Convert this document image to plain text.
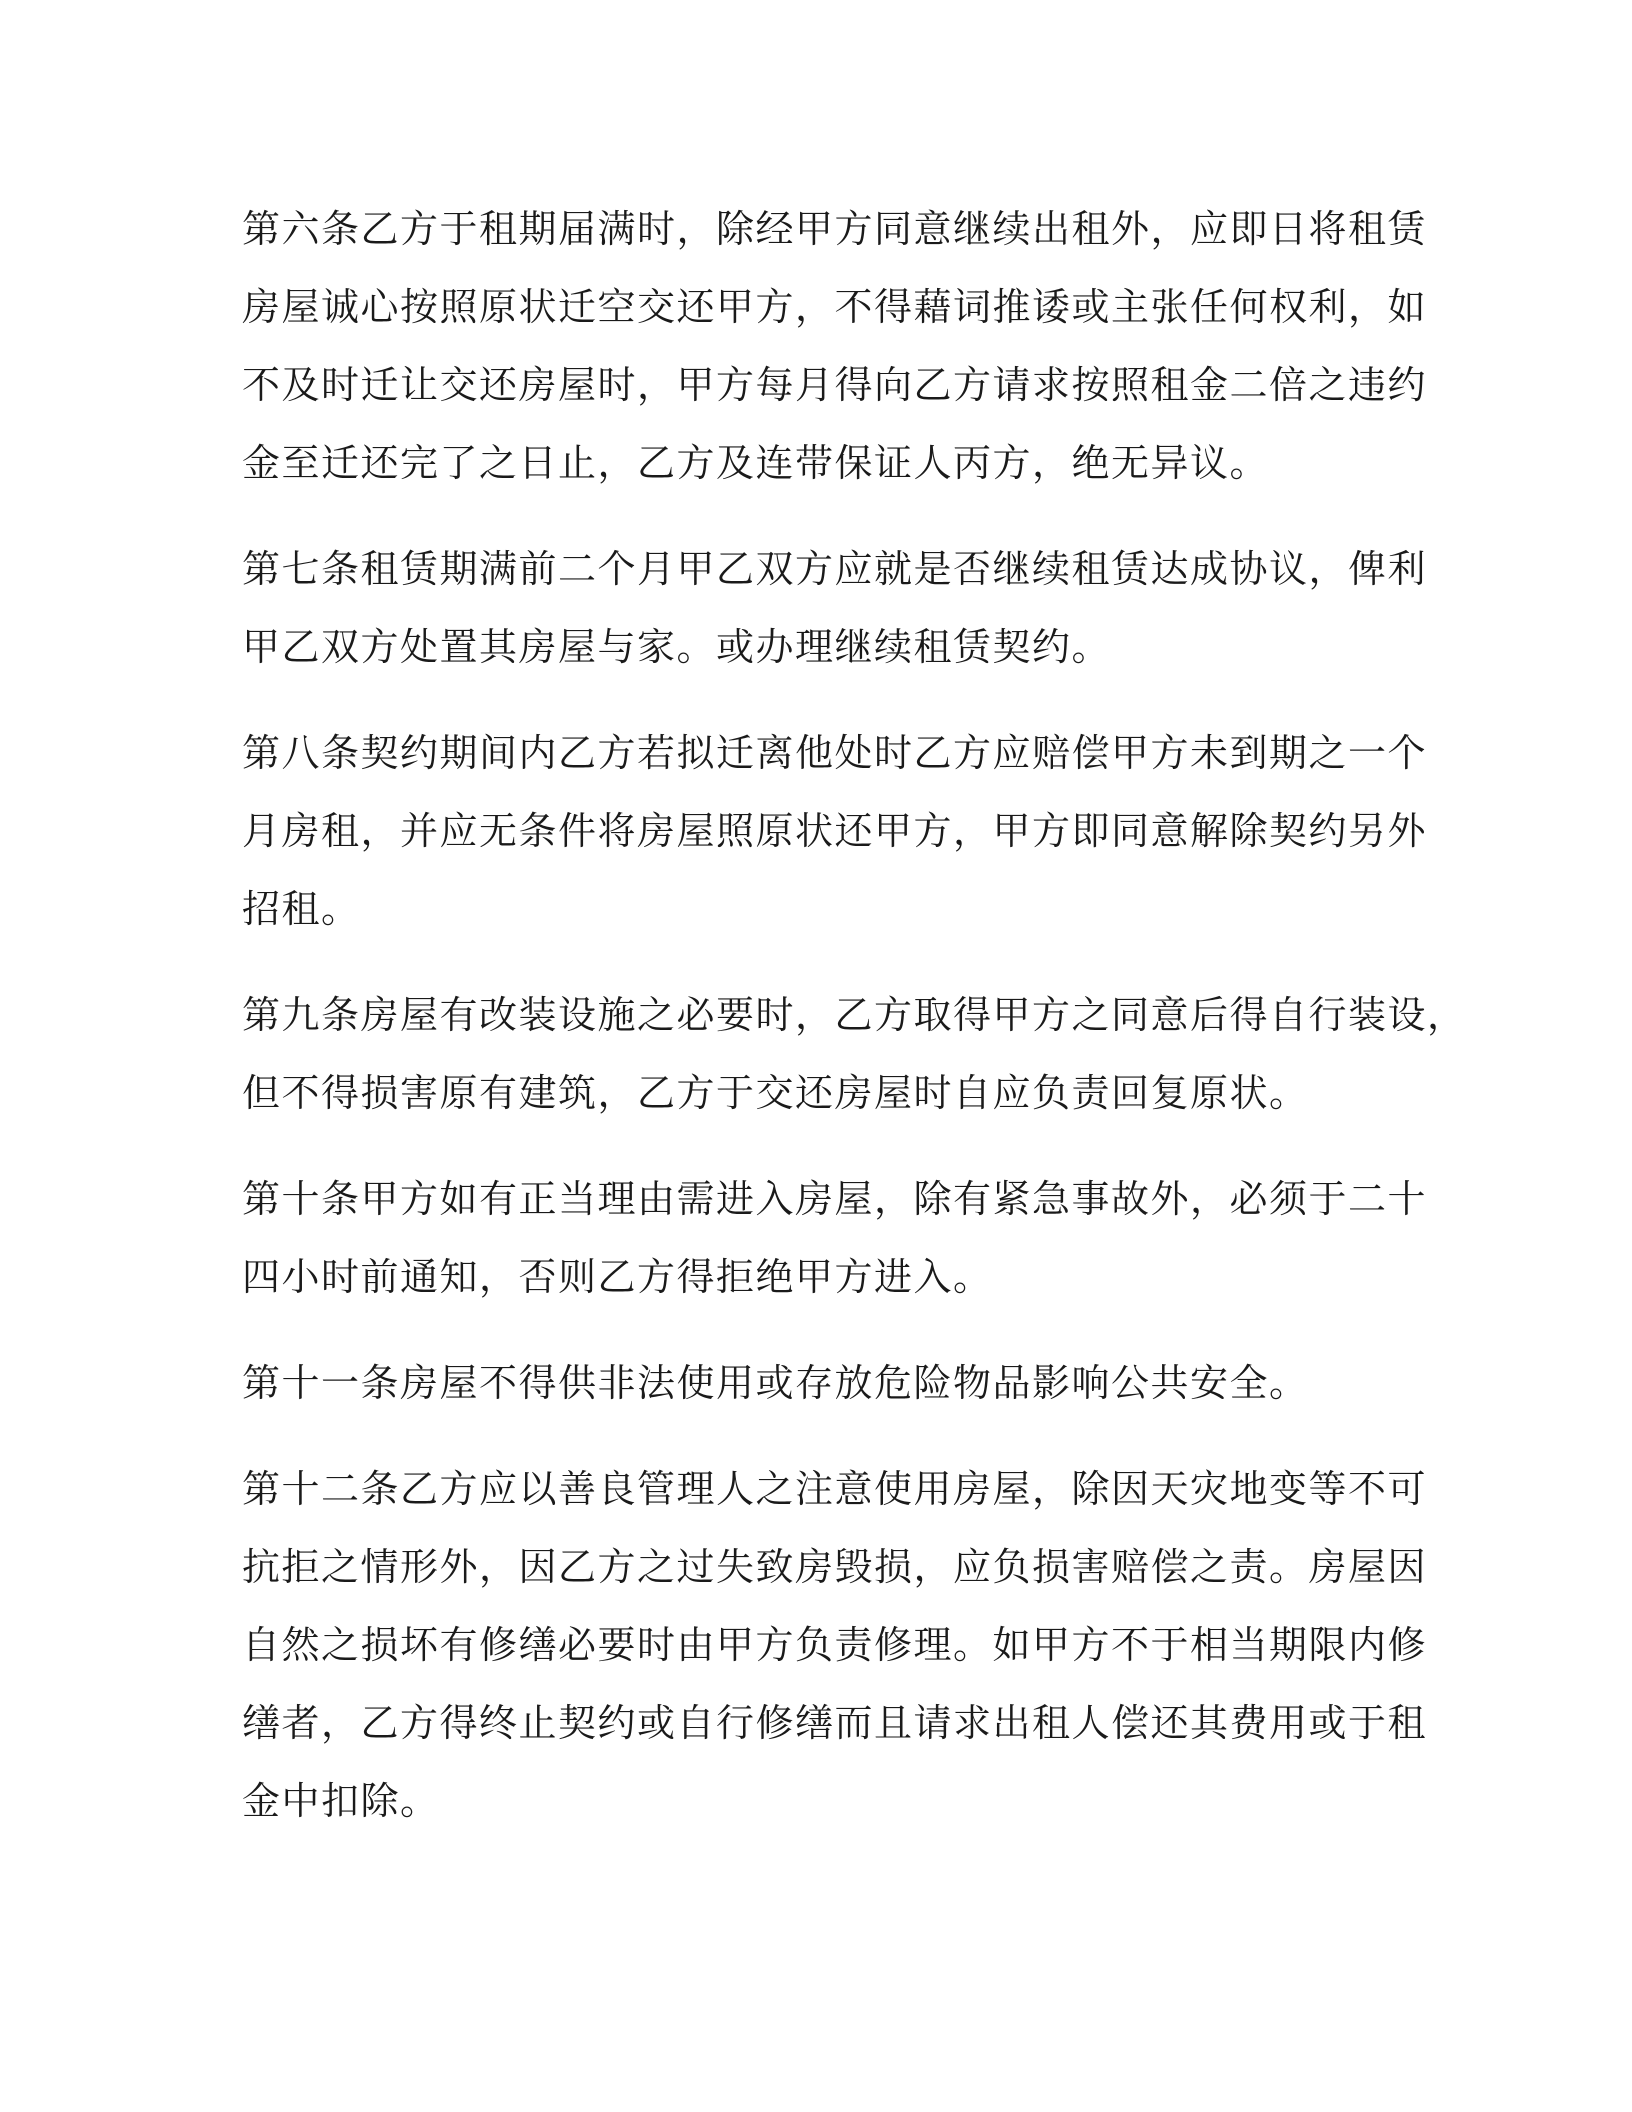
第六条乙方于租期届满时，除经甲方同意继续出租外，应即日将租赁
房屋诚心按照原状迁空交还甲方，不得藉词推诿或主张任何权利，如
不及时迁让交还房屋时，甲方每月得向乙方请求按照租金二倍之违约
金至迁还完了之日止，乙方及连带保证人丙方，绝无异议。

第七条租赁期满前二个月甲乙双方应就是否继续租赁达成协议，俾利
甲乙双方处置其房屋与家。或办理继续租赁契约。

第八条契约期间内乙方若拟迁离他处时乙方应赔偿甲方未到期之一个
月房租，并应无条件将房屋照原状还甲方，甲方即同意解除契约另外
招租。

第九条房屋有改装设施之必要时，乙方取得甲方之同意后得自行装设，
但不得损害原有建筑，乙方于交还房屋时自应负责回复原状。

第十条甲方如有正当理由需进入房屋，除有紧急事故外，必须于二十
四小时前通知，否则乙方得拒绝甲方进入。

第十一条房屋不得供非法使用或存放危险物品影响公共安全。

第十二条乙方应以善良管理人之注意使用房屋，除因天灾地变等不可
抗拒之情形外，因乙方之过失致房毁损，应负损害赔偿之责。房屋因
自然之损坏有修缮必要时由甲方负责修理。如甲方不于相当期限内修
缮者，乙方得终止契约或自行修缮而且请求出租人偿还其费用或于租
金中扣除。
